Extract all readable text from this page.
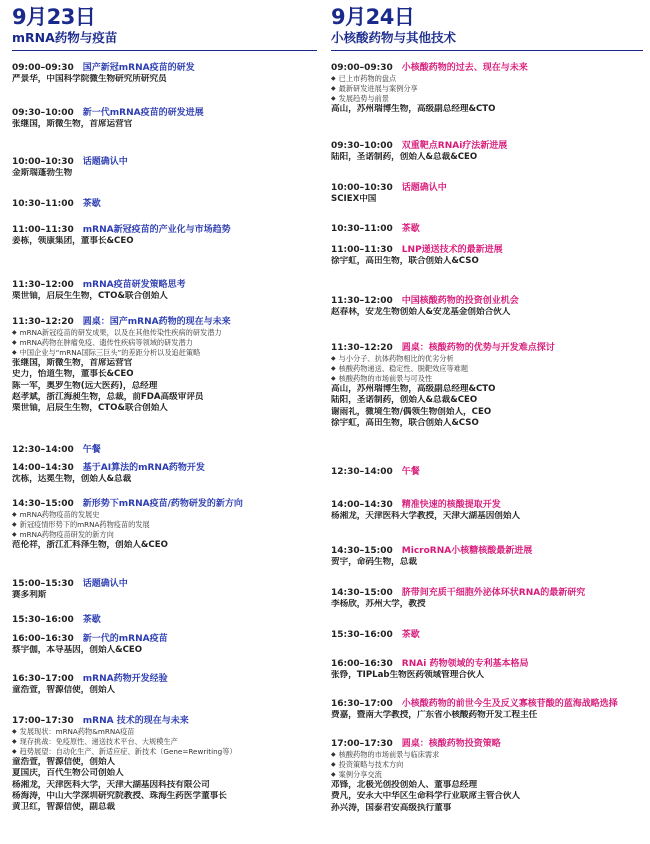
9月23日
mRNA药物与疫苗
09:00–09:30 国产新冠mRNA疫苗的研发
严景华，中国科学院微生物研究所研究员
09:30–10:00 新一代mRNA疫苗的研发进展
张继国，斯微生物，首席运营官
10:00–10:30 话题确认中
金斯瑞蓬勃生物
10:30–11:00 茶歇
11:00–11:30 mRNA新冠疫苗的产业化与市场趋势
姜栋，领康集团，董事长&CEO
11:30–12:00 mRNA疫苗研发策略思考
栗世铀，启辰生生物，CTO&联合创始人
11:30–12:20 圆桌：国产mRNA药物的现在与未来
◆ mRNA新冠疫苗的研发成果，以及在其他传染性疾病的研发潜力
◆ mRNA药物在肿瘤免疫、遗传性疾病等领域的研发潜力
◆ 中国企业与“mRNA国际三巨头”的差距分析以及追赶策略
张继国，斯微生物，首席运营官
史力，怡道生物，董事长&CEO
陈一军，奥罗生物(远大医药)，总经理
赵孝斌，浙江海昶生物，总裁，前FDA高级审评员
栗世铀，启辰生生物，CTO&联合创始人
12:30–14:00 午餐
14:00–14:30 基于AI算法的mRNA药物开发
沈栋，达冕生物，创始人&总裁
14:30–15:00 新形势下mRNA疫苗/药物研发的新方向
◆ mRNA药物疫苗的发展史
◆ 新冠疫情形势下的mRNA药物疫苗的发展
◆ mRNA药物疫苗研发的新方向
范伦祥，浙江汇科泽生物，创始人&CEO
15:00–15:30 话题确认中
赛多利斯
15:30–16:00 茶歇
16:00–16:30 新一代的mRNA疫苗
蔡宇伽，本导基因，创始人&CEO
16:30–17:00 mRNA药物开发经验
童浩萱，智源信使，创始人
17:00–17:30 mRNA 技术的现在与未来
◆ 发展现状：mRNA药物&mRNA疫苗
◆ 现存挑战：免疫原性、递送技术平台、大规模生产
◆ 趋势展望：自动化生产、新适应症、新技术（Gene=Rewriting等）
童浩萱，智源信使，创始人
夏国庆，百代生物公司创始人
杨湘龙，天津医科大学，天津大湖基因科技有限公司
杨海涛，中山大学深圳研究院教授、珠海生药医学董事长
黄卫红，智源信使，副总裁
9月24日
小核酸药物与其他技术
09:00–09:30 小核酸药物的过去、现在与未来
◆ 已上市药物的盘点
◆ 最新研发进展与案例分享
◆ 发展趋势与前景
高山，苏州瑞博生物，高级副总经理&CTO
09:30–10:00 双重靶点RNAi疗法新进展
陆阳，圣诺制药，创始人&总裁&CEO
10:00–10:30 话题确认中
SCIEX中国
10:30–11:00 茶歇
11:00–11:30 LNP递送技术的最新进展
徐宇虹，高田生物，联合创始人&CSO
11:30–12:00 中国核酸药物的投资创业机会
赵春林，安龙生物创始人&安龙基金创始合伙人
11:30–12:20 圆桌：核酸药物的优势与开发难点探讨
◆ 与小分子、抗体药物相比的优劣分析
◆ 核酸药物递送、稳定性、脱靶效应等难题
◆ 核酸药物的市场前景与可及性
高山，苏州瑞博生物，高级副总经理&CTO
陆阳，圣诺制药，创始人&总裁&CEO
谢雨礼，微境生物/偶领生物创始人，CEO
徐宇虹，高田生物，联合创始人&CSO
12:30–14:00 午餐
14:00–14:30 精准快速的核酸提取开发
杨湘龙，天津医科大学教授，天津大湖基因创始人
14:30–15:00 MicroRNA小核糖核酸最新进展
贺宇，命码生物，总裁
14:30–15:00 脐带间充质干细胞外泌体环状RNA的最新研究
李杨欣，苏州大学，教授
15:30–16:00 茶歇
16:00–16:30 RNAi 药物领域的专利基本格局
张铮，TIPLab生物医药领域管理合伙人
16:30–17:00 小核酸药物的前世今生及反义寡核苷酸的蓝海战略选择
费嘉，暨南大学教授，广东省小核酸药物开发工程主任
17:00–17:30 圆桌：核酸药物投资策略
◆ 核酸药物的市场前景与临床需求
◆ 投资策略与技术方向
◆ 案例分享交流
邓锋，北极光创投创始人、董事总经理
费凡，安永大中华区生命科学行业联席主管合伙人
孙兴涛，国泰君安高级执行董事
